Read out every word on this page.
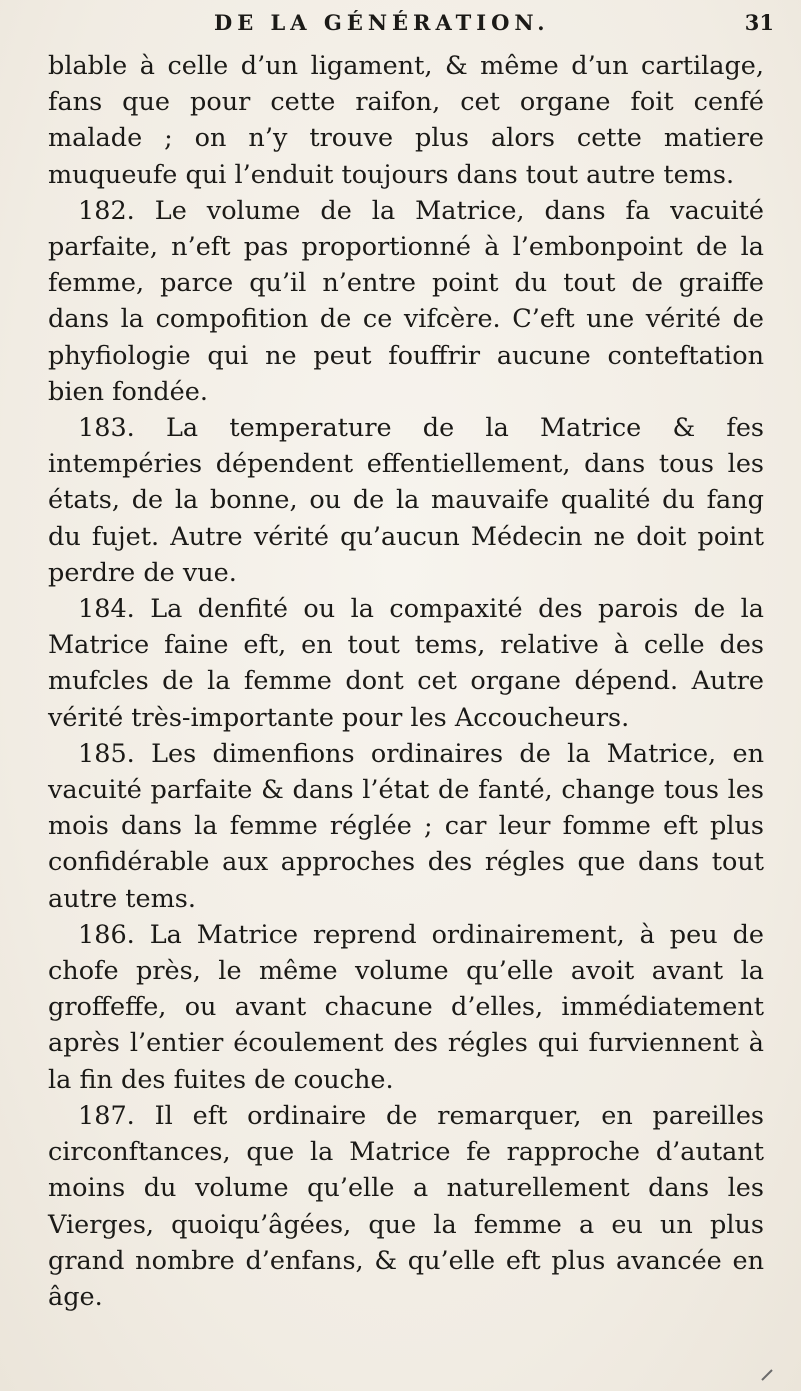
DE LA GÉNÉRATION.	31

blable à celle d’un ligament, & même d’un cartilage, fans que pour cette raifon, cet organe foit cenfé malade ; on n’y trouve plus alors cette matiere muqueufe qui l’enduit toujours dans tout autre tems.

182. Le volume de la Matrice, dans fa vacuité parfaite, n’eft pas proportionné à l’embonpoint de la femme, parce qu’il n’entre point du tout de graiffe dans la compofition de ce vifcère. C’eft une vérité de phyfiologie qui ne peut fouffrir aucune conteftation bien fondée.

183. La temperature de la Matrice & fes intempéries dépendent effentiellement, dans tous les états, de la bonne, ou de la mauvaife qualité du fang du fujet. Autre vérité qu’aucun Médecin ne doit point perdre de vue.

184. La denfité ou la compaxité des parois de la Matrice faine eft, en tout tems, relative à celle des mufcles de la femme dont cet organe dépend. Autre vérité très-importante pour les Accoucheurs.

185. Les dimenfions ordinaires de la Matrice, en vacuité parfaite & dans l’état de fanté, change tous les mois dans la femme réglée ; car leur fomme eft plus confidérable aux approches des régles que dans tout autre tems.

186. La Matrice reprend ordinairement, à peu de chofe près, le même volume qu’elle avoit avant la groffeffe, ou avant chacune d’elles, immédiatement après l’entier écoulement des régles qui furviennent à la fin des fuites de couche.

187. Il eft ordinaire de remarquer, en pareilles circonftances, que la Matrice fe rapproche d’autant moins du volume qu’elle a naturellement dans les Vierges, quoiqu’âgées, que la femme a eu un plus grand nombre d’enfans, & qu’elle eft plus avancée en âge.
